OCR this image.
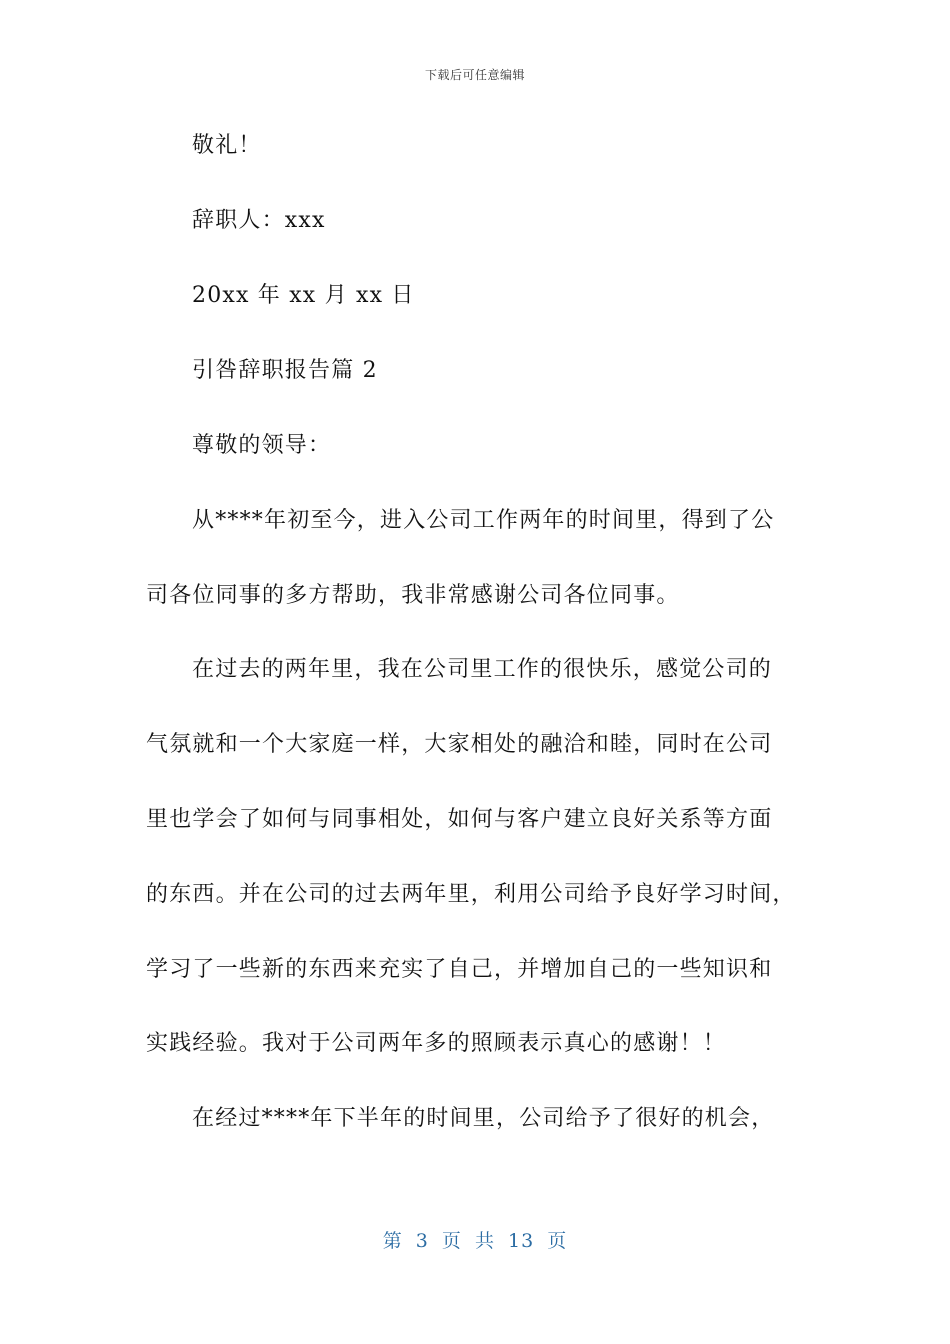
下载后可任意编辑
敬礼！
辞职人：xxx
20xx 年 xx 月 xx 日
引咎辞职报告篇 2
尊敬的领导：
从****年初至今，进入公司工作两年的时间里，得到了公
司各位同事的多方帮助，我非常感谢公司各位同事。
在过去的两年里，我在公司里工作的很快乐，感觉公司的
气氛就和一个大家庭一样，大家相处的融洽和睦，同时在公司
里也学会了如何与同事相处，如何与客户建立良好关系等方面
的东西。并在公司的过去两年里，利用公司给予良好学习时间，
学习了一些新的东西来充实了自己，并增加自己的一些知识和
实践经验。我对于公司两年多的照顾表示真心的感谢！！
在经过****年下半年的时间里，公司给予了很好的机会，
第 3 页 共 13 页
